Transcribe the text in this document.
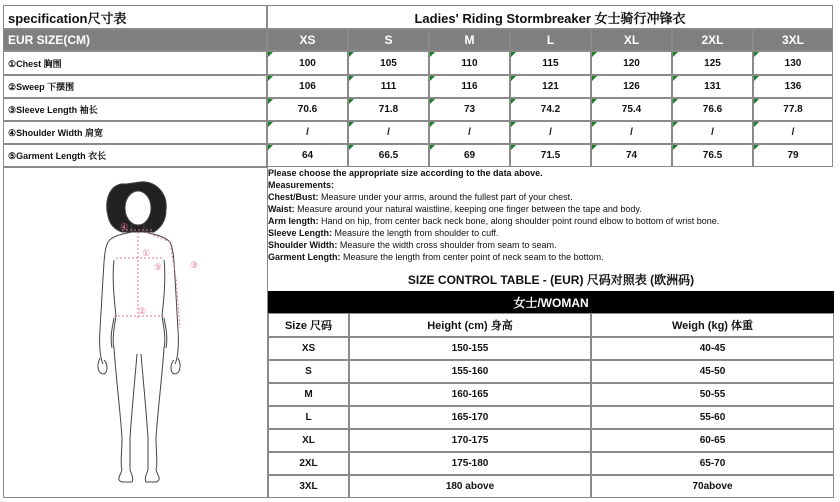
specification尺寸表	Ladies' Riding Stormbreaker 女士骑行冲锋衣
EUR SIZE(CM)	XS	S	M	L	XL	2XL	3XL
①Chest 胸围	100	105	110	115	120	125	130
②Sweep 下摆围	106	111	116	121	126	131	136
③Sleeve Length 袖长	70.6	71.8	73	74.2	75.4	76.6	77.8
④Shoulder Width 肩宽	/	/	/	/	/	/	/
⑤Garment Length 衣长	64	66.5	69	71.5	74	76.5	79
①
②
③
④
⑤
Please choose the appropriate size according to the data above.
Measurements:
Chest/Bust: Measure under your arms, around the fullest part of your chest.
Waist: Measure around your natural waistline, keeping one finger between the tape and body.
Arm length: Hand on hip, from center back neck bone, along shoulder point round elbow to bottom of wrist bone.
Sleeve Length: Measure the length from shoulder to cuff.
Shoulder Width: Measure the width cross shoulder from seam to seam.
Garment Length: Measure the length from center point of neck seam to the bottom.
SIZE CONTROL TABLE - (EUR) 尺码对照表 (欧洲码)
女士/WOMAN
Size 尺码	Height (cm) 身高	Weigh (kg) 体重
XS	150-155	40-45
S	155-160	45-50
M	160-165	50-55
L	165-170	55-60
XL	170-175	60-65
2XL	175-180	65-70
3XL	180 above	70above
